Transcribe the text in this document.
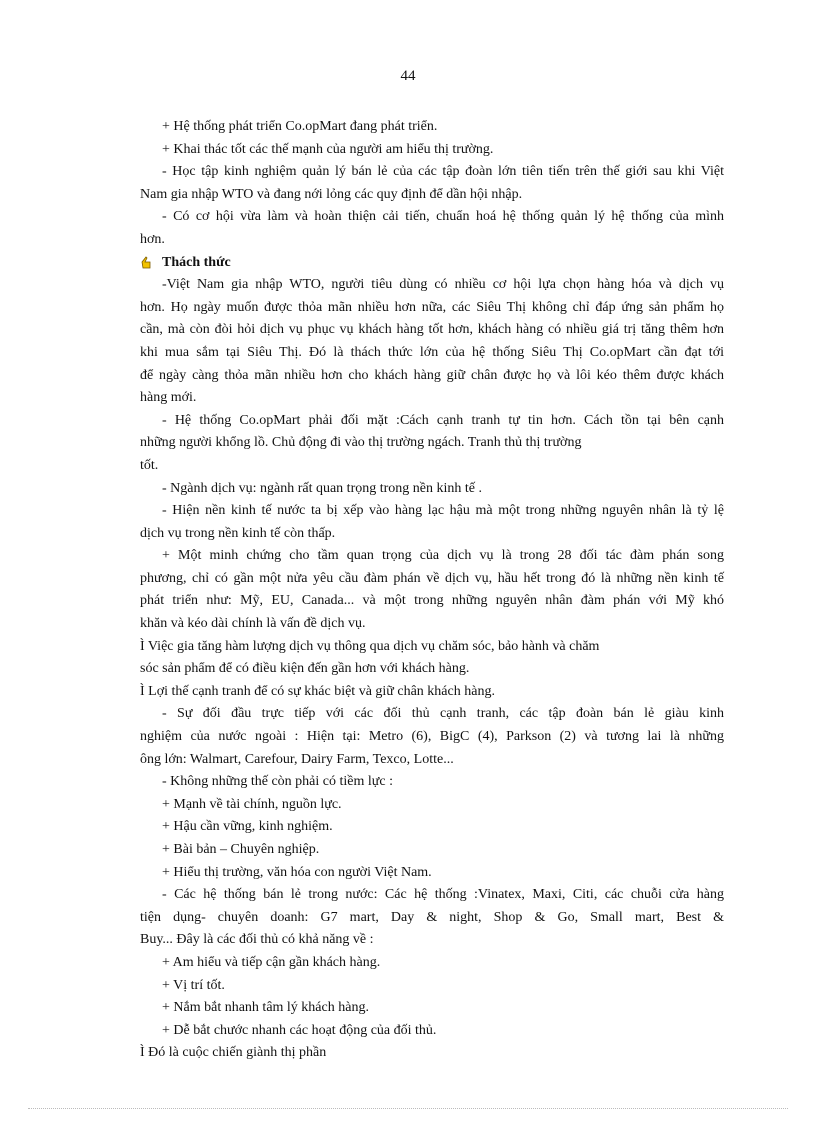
44
+ Hệ thống phát triển Co.opMart đang phát triển.
+ Khai thác tốt các thế mạnh của người am hiểu thị trường.
- Học tập kinh nghiệm quản lý bán lẻ của các tập đoàn lớn tiên tiến trên thế giới sau khi Việt
Nam gia nhập WTO và đang nới lỏng các quy định để dần hội nhập.
- Có cơ hội vừa làm và hoàn thiện cải tiến, chuẩn hoá hệ thống quản lý hệ thống của mình
hơn.
Thách thức
-Việt Nam gia nhập WTO, người tiêu dùng có nhiều cơ hội lựa chọn hàng hóa và dịch vụ
hơn. Họ ngày muốn được thỏa mãn nhiều hơn nữa, các Siêu Thị không chỉ đáp ứng sản phẩm họ
cần, mà còn đòi hỏi dịch vụ phục vụ khách hàng tốt hơn, khách hàng có nhiều giá trị tăng thêm hơn
khi mua sắm tại Siêu Thị. Đó là thách thức lớn của hệ thống Siêu Thị Co.opMart cần đạt tới
để ngày càng thỏa mãn nhiều hơn cho khách hàng giữ chân được họ và lôi kéo thêm được khách
hàng mới.
- Hệ thống Co.opMart phải đối mặt :Cách cạnh tranh tự tin hơn. Cách tồn tại bên cạnh
những người khổng lồ. Chủ động đi vào thị trường ngách. Tranh thủ thị trường
tốt.
- Ngành dịch vụ: ngành rất quan trọng trong nền kinh tế .
- Hiện nền kinh tế nước ta bị xếp vào hàng lạc hậu mà một trong những nguyên nhân là tỷ lệ
dịch vụ trong nền kinh tế còn thấp.
+ Một minh chứng cho tầm quan trọng của dịch vụ là trong 28 đối tác đàm phán song
phương, chỉ có gần một nửa yêu cầu đàm phán về dịch vụ, hầu hết trong đó là những nền kinh tế
phát triển như: Mỹ, EU, Canada... và một trong những nguyên nhân đàm phán với Mỹ khó
khăn và kéo dài chính là vấn đề dịch vụ.
Ì Việc gia tăng hàm lượng dịch vụ thông qua dịch vụ chăm sóc, bảo hành và chăm
sóc sản phẩm để có điều kiện đến gần hơn với khách hàng.
Ì Lợi thế cạnh tranh để có sự khác biệt và giữ chân khách hàng.
- Sự đối đầu trực tiếp với các đối thủ cạnh tranh, các tập đoàn bán lẻ giàu kinh
nghiệm của nước ngoài : Hiện tại: Metro (6), BigC (4), Parkson (2) và tương lai là những
ông lớn: Walmart, Carefour, Dairy Farm, Texco, Lotte...
- Không những thế còn phải có tiềm lực :
+ Mạnh về tài chính, nguồn lực.
+ Hậu cần vững, kinh nghiệm.
+ Bài bản – Chuyên nghiệp.
+ Hiểu thị trường, văn hóa con người Việt Nam.
- Các hệ thống bán lẻ trong nước: Các hệ thống :Vinatex, Maxi, Citi, các chuỗi cửa hàng
tiện dụng- chuyên doanh: G7 mart, Day & night, Shop & Go, Small mart, Best &
Buy... Đây là các đối thủ có khả năng về :
+ Am hiểu và tiếp cận gần khách hàng.
+ Vị trí tốt.
+ Nắm bắt nhanh tâm lý khách hàng.
+ Dễ bắt chước nhanh các hoạt động của đối thủ.
Ì Đó là cuộc chiến giành thị phần
